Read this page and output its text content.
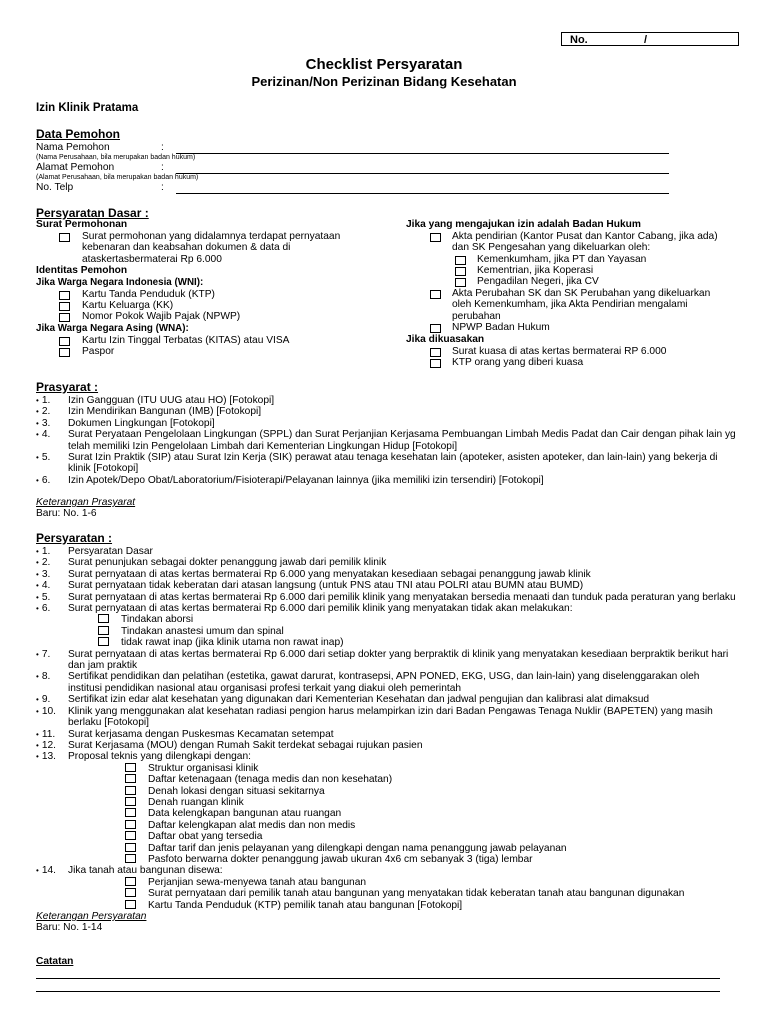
No.	/
Checklist Persyaratan
Perizinan/Non Perizinan Bidang Kesehatan
Izin Klinik Pratama
Data Pemohon
Nama Pemohon	:
(Nama Perusahaan, bila merupakan badan hukum)
Alamat Pemohon	:
(Alamat Perusahaan, bila merupakan badan hukum)
No. Telp	:
Persyaratan Dasar :
Surat Permohonan
Surat permohonan yang didalamnya terdapat pernyataan kebenaran dan keabsahan dokumen & data di ataskertasbermaterai Rp 6.000
Identitas Pemohon
Jika Warga Negara Indonesia (WNI):
Kartu Tanda Penduduk (KTP)
Kartu Keluarga (KK)
Nomor Pokok Wajib Pajak (NPWP)
Jika Warga Negara Asing (WNA):
Kartu Izin Tinggal Terbatas (KITAS) atau VISA
Paspor
Jika yang mengajukan izin adalah Badan Hukum
Akta pendirian (Kantor Pusat dan Kantor Cabang, jika ada) dan SK Pengesahan yang dikeluarkan oleh:
Kemenkumham, jika PT dan Yayasan
Kementrian, jika Koperasi
Pengadilan Negeri, jika CV
Akta Perubahan SK dan SK Perubahan yang dikeluarkan oleh Kemenkumham, jika Akta Pendirian mengalami perubahan
NPWP Badan Hukum
Jika dikuasakan
Surat kuasa di atas kertas bermaterai RP 6.000
KTP orang yang diberi kuasa
Prasyarat :
• 1. Izin Gangguan (ITU UUG atau HO) [Fotokopi]
• 2. Izin Mendirikan Bangunan (IMB) [Fotokopi]
• 3. Dokumen Lingkungan [Fotokopi]
• 4. Surat Peryataan Pengelolaan Lingkungan (SPPL) dan Surat Perjanjian Kerjasama Pembuangan Limbah Medis Padat dan Cair dengan pihak lain yg telah memiliki Izin Pengelolaan Limbah dari Kementerian Lingkungan Hidup [Fotokopi]
• 5. Surat Izin Praktik (SIP) atau Surat Izin Kerja (SIK) perawat atau tenaga kesehatan lain (apoteker, asisten apoteker, dan lain-lain) yang bekerja di klinik [Fotokopi]
• 6. Izin Apotek/Depo Obat/Laboratorium/Fisioterapi/Pelayanan lainnya (jika memiliki izin tersendiri) [Fotokopi]
Keterangan Prasyarat
Baru: No. 1-6
Persyaratan :
• 1. Persyaratan Dasar
• 2. Surat penunjukan sebagai dokter penanggung jawab dari pemilik klinik
• 3. Surat pernyataan di atas kertas bermaterai Rp 6.000 yang menyatakan kesediaan sebagai penanggung jawab klinik
• 4. Surat pernyataan tidak keberatan dari atasan langsung (untuk PNS atau TNI atau POLRI atau BUMN atau BUMD)
• 5. Surat pernyataan di atas kertas bermaterai Rp 6.000 dari pemilik klinik yang menyatakan bersedia menaati dan tunduk pada peraturan yang berlaku
• 6. Surat pernyataan di atas kertas bermaterai Rp 6.000 dari pemilik klinik yang menyatakan tidak akan melakukan:
Tindakan aborsi
Tindakan anastesi umum dan spinal
tidak rawat inap (jika klinik utama non rawat inap)
• 7. Surat pernyataan di atas kertas bermaterai Rp 6.000 dari setiap dokter yang berpraktik di klinik yang menyatakan kesediaan berpraktik berikut hari dan jam praktik
• 8. Sertifikat pendidikan dan pelatihan (estetika, gawat darurat, kontrasepsi, APN PONED, EKG, USG, dan lain-lain) yang diselenggarakan oleh institusi pendidikan nasional atau organisasi profesi terkait yang diakui oleh pemerintah
• 9. Sertifikat izin edar alat kesehatan yang digunakan dari Kementerian Kesehatan dan jadwal pengujian dan kalibrasi alat dimaksud
• 10. Klinik yang menggunakan alat kesehatan radiasi pengion harus melampirkan izin dari Badan Pengawas Tenaga Nuklir (BAPETEN) yang masih berlaku [Fotokopi]
• 11. Surat kerjasama dengan Puskesmas Kecamatan setempat
• 12. Surat Kerjasama (MOU) dengan Rumah Sakit terdekat sebagai rujukan pasien
• 13. Proposal teknis yang dilengkapi dengan:
Struktur organisasi klinik
Daftar ketenagaan (tenaga medis dan non kesehatan)
Denah lokasi dengan situasi sekitarnya
Denah ruangan klinik
Data kelengkapan bangunan atau ruangan
Daftar kelengkapan alat medis dan non medis
Daftar obat yang tersedia
Daftar tarif dan jenis pelayanan yang dilengkapi dengan nama penanggung jawab pelayanan
Pasfoto berwarna dokter penanggung jawab ukuran 4x6 cm sebanyak 3 (tiga) lembar
• 14. Jika tanah atau bangunan disewa:
Perjanjian sewa-menyewa tanah atau bangunan
Surat pernyataan dari pemilik tanah atau bangunan yang menyatakan tidak keberatan tanah atau bangunan digunakan
Kartu Tanda Penduduk (KTP) pemilik tanah atau bangunan [Fotokopi]
Keterangan Persyaratan
Baru: No. 1-14
Catatan
